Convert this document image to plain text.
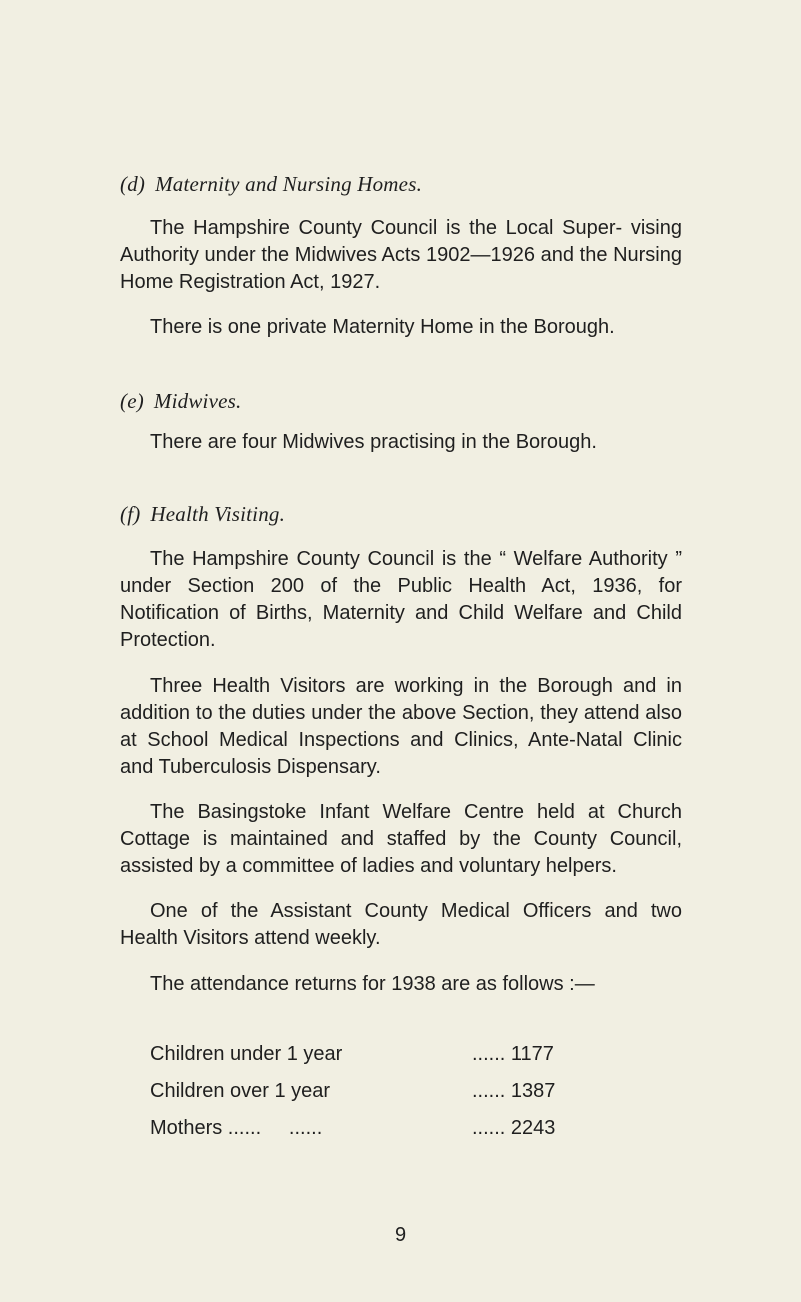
(d) Maternity and Nursing Homes.

The Hampshire County Council is the Local Super- vising Authority under the Midwives Acts 1902—1926 and the Nursing Home Registration Act, 1927.

There is one private Maternity Home in the Borough.

(e) Midwives.

There are four Midwives practising in the Borough.

(f) Health Visiting.

The Hampshire County Council is the “ Welfare Authority ” under Section 200 of the Public Health Act, 1936, for Notification of Births, Maternity and Child Welfare and Child Protection.

Three Health Visitors are working in the Borough and in addition to the duties under the above Section, they attend also at School Medical Inspections and Clinics, Ante-Natal Clinic and Tuberculosis Dispensary.

The Basingstoke Infant Welfare Centre held at Church Cottage is maintained and staffed by the County Council, assisted by a committee of ladies and voluntary helpers.

One of the Assistant County Medical Officers and two Health Visitors attend weekly.

The attendance returns for 1938 are as follows :—

Children under 1 year	...... 1177
Children over 1 year	...... 1387
Mothers ......     ......	...... 2243
9
